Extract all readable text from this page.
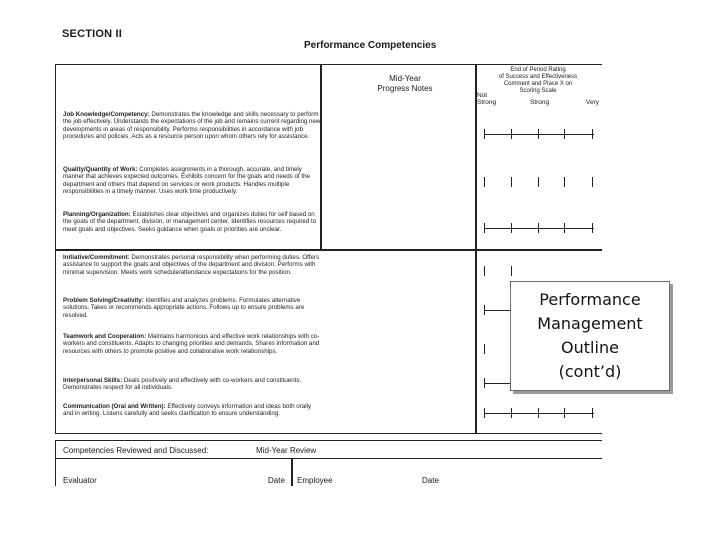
SECTION II
Performance Competencies
Mid-Year
Progress Notes
End of Period Rating
of Success and Effectiveness
Comment and Place X on
Scoring Scale
Not
Strong	Strong	Very
Job Knowledge/Competency: Demonstrates the knowledge and skills necessary to perform the job effectively. Understands the expectations of the job and remains current regarding new developments in areas of responsibility. Performs responsibilities in accordance with job procedures and policies. Acts as a resource person upon whom others rely for assistance.
Quality/Quantity of Work: Completes assignments in a thorough, accurate, and timely manner that achieves expected outcomes. Exhibits concern for the goals and needs of the department and others that depend on services or work products. Handles multiple responsibilities in a timely manner. Uses work time productively.
Planning/Organization: Establishes clear objectives and organizes duties for self based on the goals of the department, division, or management center. Identifies resources required to meet goals and objectives. Seeks guidance when goals or priorities are unclear.
Initiative/Commitment: Demonstrates personal responsibility when performing duties. Offers assistance to support the goals and objectives of the department and division. Performs with minimal supervision. Meets work schedule/attendance expectations for the position.
Problem Solving/Creativity: Identifies and analyzes problems. Formulates alternative solutions. Takes or recommends appropriate actions. Follows up to ensure problems are resolved.
Teamwork and Cooperation: Maintains harmonious and effective work relationships with co-workers and constituents. Adapts to changing priorities and demands. Shares information and resources with others to promote positive and collaborative work relationships.
Interpersonal Skills: Deals positively and effectively with co-workers and constituents. Demonstrates respect for all individuals.
Communication (Oral and Written): Effectively conveys information and ideas both orally and in writing. Listens carefully and seeks clarification to ensure understanding.
Competencies Reviewed and Discussed:	Mid-Year Review
Evaluator	Date Employee	Date
Performance
Management
Outline
(cont’d)
